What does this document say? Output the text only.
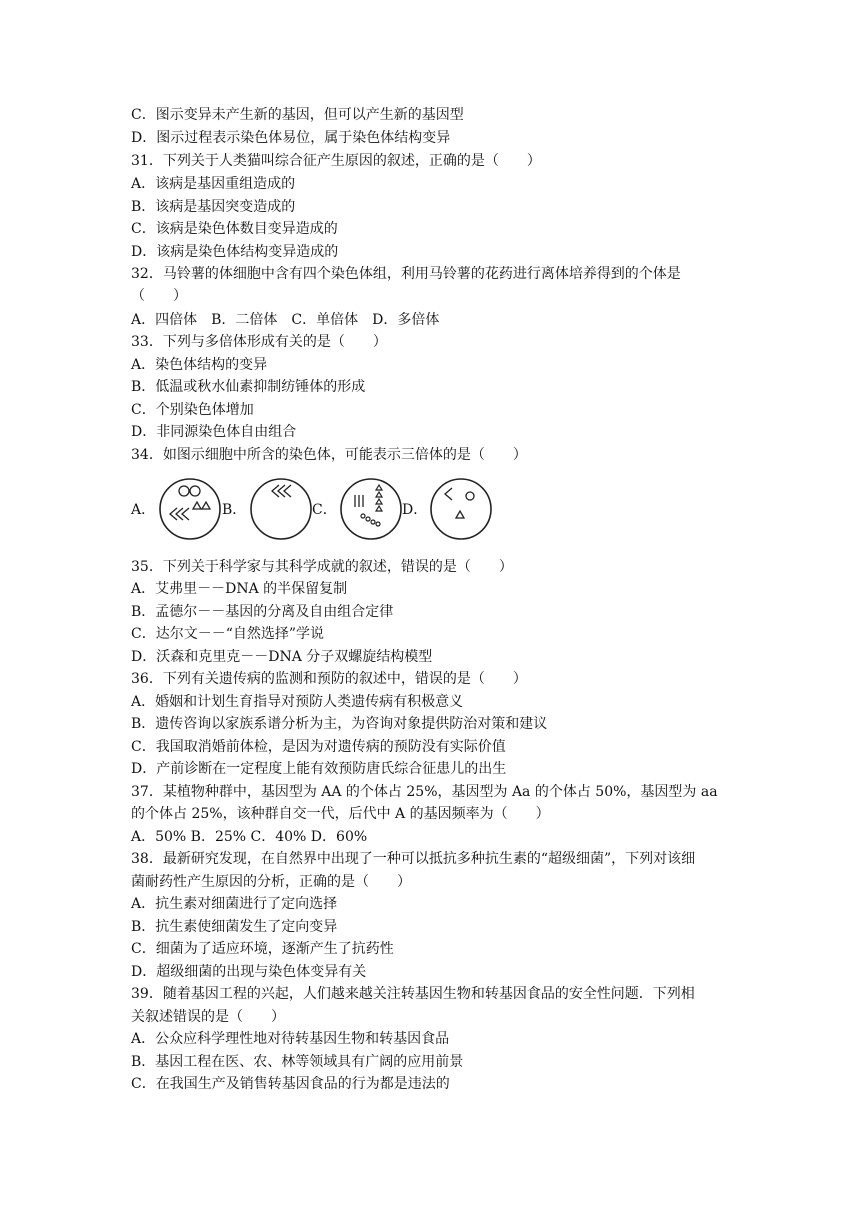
C．图示变异未产生新的基因，但可以产生新的基因型
D．图示过程表示染色体易位，属于染色体结构变异
31．下列关于人类猫叫综合征产生原因的叙述，正确的是（　　）
A．该病是基因重组造成的
B．该病是基因突变造成的
C．该病是染色体数目变异造成的
D．该病是染色体结构变异造成的
32．马铃薯的体细胞中含有四个染色体组，利用马铃薯的花药进行离体培养得到的个体是
（　　）
A．四倍体　B．二倍体　C．单倍体　D．多倍体
33．下列与多倍体形成有关的是（　　）
A．染色体结构的变异
B．低温或秋水仙素抑制纺锤体的形成
C．个别染色体增加
D．非同源染色体自由组合
34．如图示细胞中所含的染色体，可能表示三倍体的是（　　）
A．	B．	C．	D．
35．下列关于科学家与其科学成就的叙述，错误的是（　　）
A．艾弗里－－DNA 的半保留复制
B．孟德尔－－基因的分离及自由组合定律
C．达尔文－－“自然选择”学说
D．沃森和克里克－－DNA 分子双螺旋结构模型
36．下列有关遗传病的监测和预防的叙述中，错误的是（　　）
A．婚姻和计划生育指导对预防人类遗传病有积极意义
B．遗传咨询以家族系谱分析为主，为咨询对象提供防治对策和建议
C．我国取消婚前体检，是因为对遗传病的预防没有实际价值
D．产前诊断在一定程度上能有效预防唐氏综合征患儿的出生
37．某植物种群中，基因型为 AA 的个体占 25%，基因型为 Aa 的个体占 50%，基因型为 aa
的个体占 25%，该种群自交一代，后代中 A 的基因频率为（　　）
A．50% B．25% C．40% D．60%
38．最新研究发现，在自然界中出现了一种可以抵抗多种抗生素的“超级细菌”，下列对该细
菌耐药性产生原因的分析，正确的是（　　）
A．抗生素对细菌进行了定向选择
B．抗生素使细菌发生了定向变异
C．细菌为了适应环境，逐渐产生了抗药性
D．超级细菌的出现与染色体变异有关
39．随着基因工程的兴起，人们越来越关注转基因生物和转基因食品的安全性问题．下列相
关叙述错误的是（　　）
A．公众应科学理性地对待转基因生物和转基因食品
B．基因工程在医、农、林等领域具有广阔的应用前景
C．在我国生产及销售转基因食品的行为都是违法的
